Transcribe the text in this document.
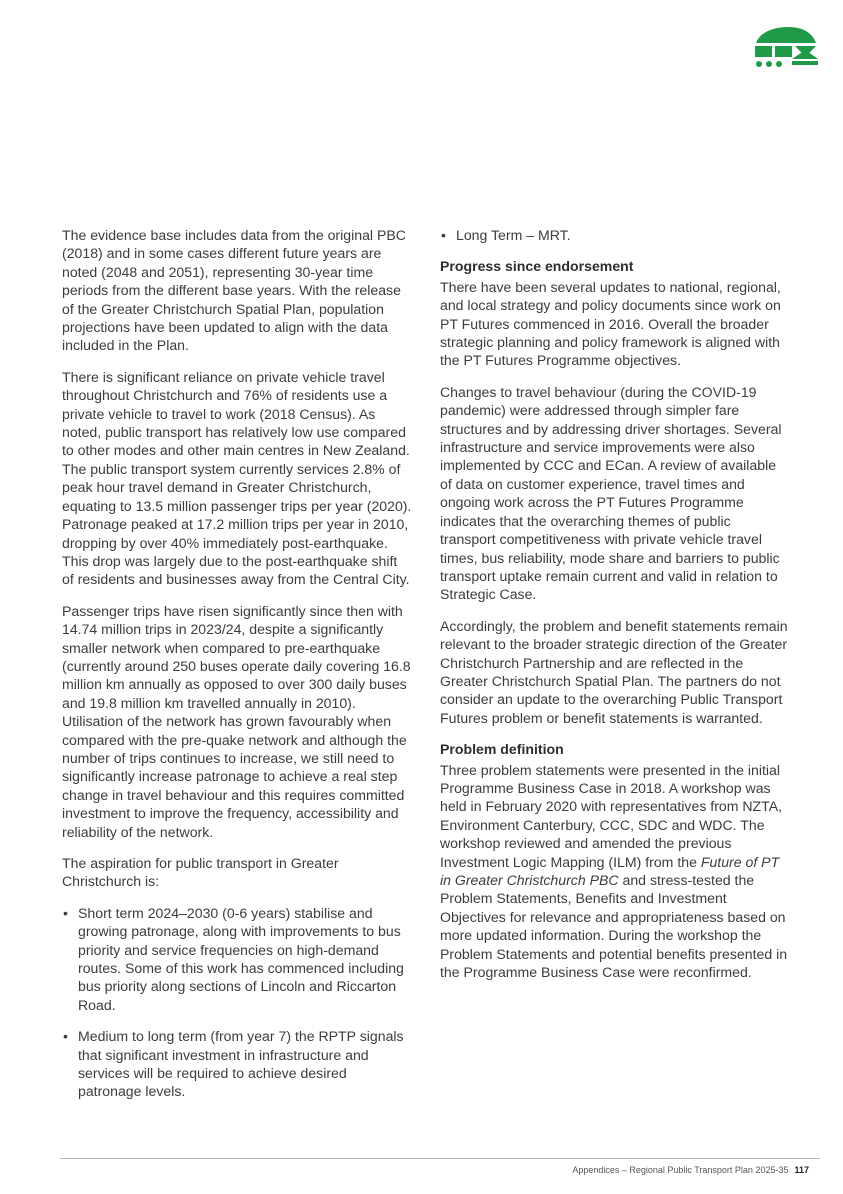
The evidence base includes data from the original PBC (2018) and in some cases different future years are noted (2048 and 2051), representing 30-year time periods from the different base years. With the release of the Greater Christchurch Spatial Plan, population projections have been updated to align with the data included in the Plan.

There is significant reliance on private vehicle travel throughout Christchurch and 76% of residents use a private vehicle to travel to work (2018 Census). As noted, public transport has relatively low use compared to other modes and other main centres in New Zealand. The public transport system currently services 2.8% of peak hour travel demand in Greater Christchurch, equating to 13.5 million passenger trips per year (2020). Patronage peaked at 17.2 million trips per year in 2010, dropping by over 40% immediately post-earthquake. This drop was largely due to the post-earthquake shift of residents and businesses away from the Central City.

Passenger trips have risen significantly since then with 14.74 million trips in 2023/24, despite a significantly smaller network when compared to pre-earthquake (currently around 250 buses operate daily covering 16.8 million km annually as opposed to over 300 daily buses and 19.8 million km travelled annually in 2010). Utilisation of the network has grown favourably when compared with the pre-quake network and although the number of trips continues to increase, we still need to significantly increase patronage to achieve a real step change in travel behaviour and this requires committed investment to improve the frequency, accessibility and reliability of the network.

The aspiration for public transport in Greater Christchurch is:

• Short term 2024–2030 (0-6 years) stabilise and growing patronage, along with improvements to bus priority and service frequencies on high-demand routes. Some of this work has commenced including bus priority along sections of Lincoln and Riccarton Road.
• Medium to long term (from year 7) the RPTP signals that significant investment in infrastructure and services will be required to achieve desired patronage levels.
• Long Term – MRT.
Progress since endorsement

There have been several updates to national, regional, and local strategy and policy documents since work on PT Futures commenced in 2016. Overall the broader strategic planning and policy framework is aligned with the PT Futures Programme objectives.

Changes to travel behaviour (during the COVID-19 pandemic) were addressed through simpler fare structures and by addressing driver shortages. Several infrastructure and service improvements were also implemented by CCC and ECan. A review of available of data on customer experience, travel times and ongoing work across the PT Futures Programme indicates that the overarching themes of public transport competitiveness with private vehicle travel times, bus reliability, mode share and barriers to public transport uptake remain current and valid in relation to Strategic Case.

Accordingly, the problem and benefit statements remain relevant to the broader strategic direction of the Greater Christchurch Partnership and are reflected in the Greater Christchurch Spatial Plan. The partners do not consider an update to the overarching Public Transport Futures problem or benefit statements is warranted.

Problem definition

Three problem statements were presented in the initial Programme Business Case in 2018. A workshop was held in February 2020 with representatives from NZTA, Environment Canterbury, CCC, SDC and WDC. The workshop reviewed and amended the previous Investment Logic Mapping (ILM) from the Future of PT in Greater Christchurch PBC and stress-tested the Problem Statements, Benefits and Investment Objectives for relevance and appropriateness based on more updated information. During the workshop the Problem Statements and potential benefits presented in the Programme Business Case were reconfirmed.

Appendices – Regional Public Transport Plan 2025-35 117
